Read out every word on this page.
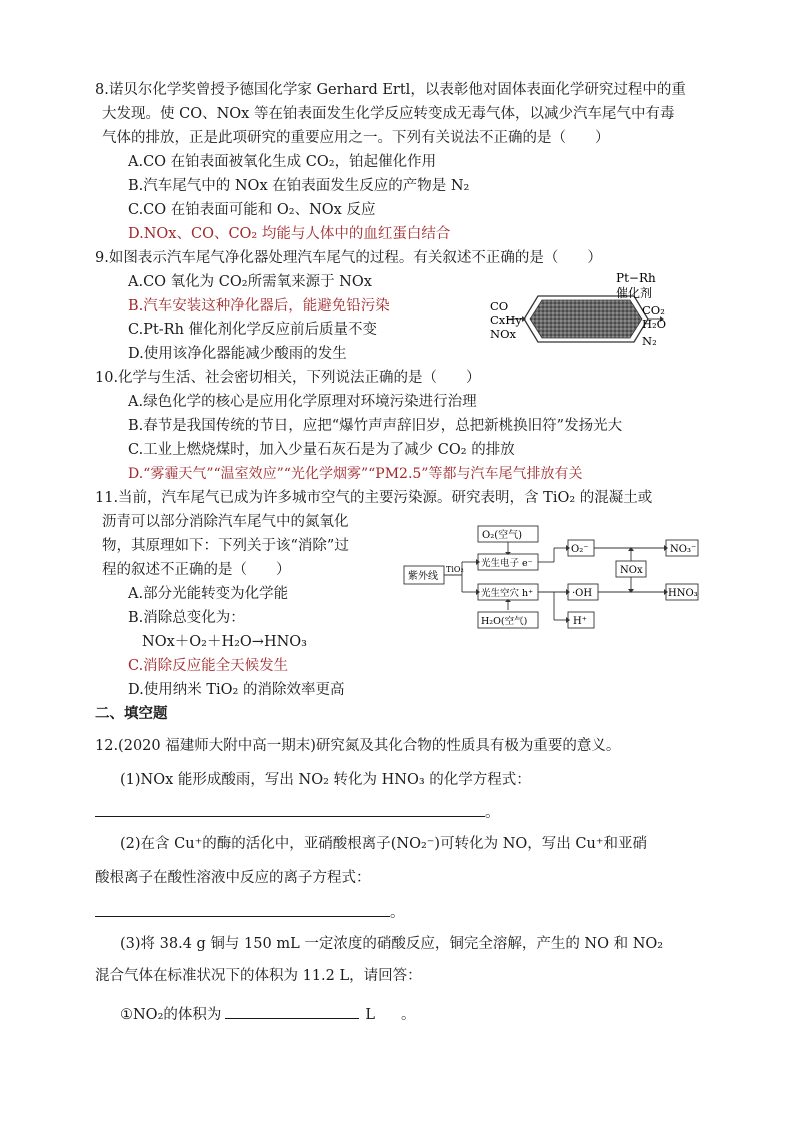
8.诺贝尔化学奖曾授予德国化学家 Gerhard Ertl，以表彰他对固体表面化学研究过程中的重
大发现。使 CO、NOx 等在铂表面发生化学反应转变成无毒气体，以减少汽车尾气中有毒
气体的排放，正是此项研究的重要应用之一。下列有关说法不正确的是（　　）
A.CO 在铂表面被氧化生成 CO₂，铂起催化作用
B.汽车尾气中的 NOx 在铂表面发生反应的产物是 N₂
C.CO 在铂表面可能和 O₂、NOx 反应
D.NOx、CO、CO₂ 均能与人体中的血红蛋白结合
9.如图表示汽车尾气净化器处理汽车尾气的过程。有关叙述不正确的是（　　）
A.CO 氧化为 CO₂所需氧来源于 NOx
B.汽车安装这种净化器后，能避免铅污染
C.Pt-Rh 催化剂化学反应前后质量不变
D.使用该净化器能减少酸雨的发生
Pt−Rh
催化剂
CO
CxHy
NOx
CO₂
H₂O
N₂
10.化学与生活、社会密切相关，下列说法正确的是（　　）
A.绿色化学的核心是应用化学原理对环境污染进行治理
B.春节是我国传统的节日，应把“爆竹声声辞旧岁，总把新桃换旧符”发扬光大
C.工业上燃烧煤时，加入少量石灰石是为了减少 CO₂ 的排放
D.“雾霾天气”“温室效应”“光化学烟雾”“PM2.5”等都与汽车尾气排放有关
11.当前，汽车尾气已成为许多城市空气的主要污染源。研究表明，含 TiO₂ 的混凝土或
沥青可以部分消除汽车尾气中的氮氧化
物，其原理如下：下列关于该“消除”过
程的叙述不正确的是（　　）
A.部分光能转变为化学能
B.消除总变化为：
NOx＋O₂＋H₂O→HNO₃
C.消除反应能全天候发生
D.使用纳米 TiO₂ 的消除效率更高
紫外线
TiO₂
O₂(空气)
光生电子 e⁻
光生空穴 h⁺
H₂O(空气)
O₂⁻
NOx
·OH
H⁺
NO₃⁻
HNO₃
二、填空题
12.(2020 福建师大附中高一期末)研究氮及其化合物的性质具有极为重要的意义。
(1)NOx 能形成酸雨，写出 NO₂ 转化为 HNO₃ 的化学方程式：
。
(2)在含 Cu⁺的酶的活化中，亚硝酸根离子(NO₂⁻)可转化为 NO，写出 Cu⁺和亚硝
酸根离子在酸性溶液中反应的离子方程式：
。
(3)将 38.4 g 铜与 150 mL 一定浓度的硝酸反应，铜完全溶解，产生的 NO 和 NO₂
混合气体在标准状况下的体积为 11.2 L，请回答：
①NO₂的体积为	L 。
